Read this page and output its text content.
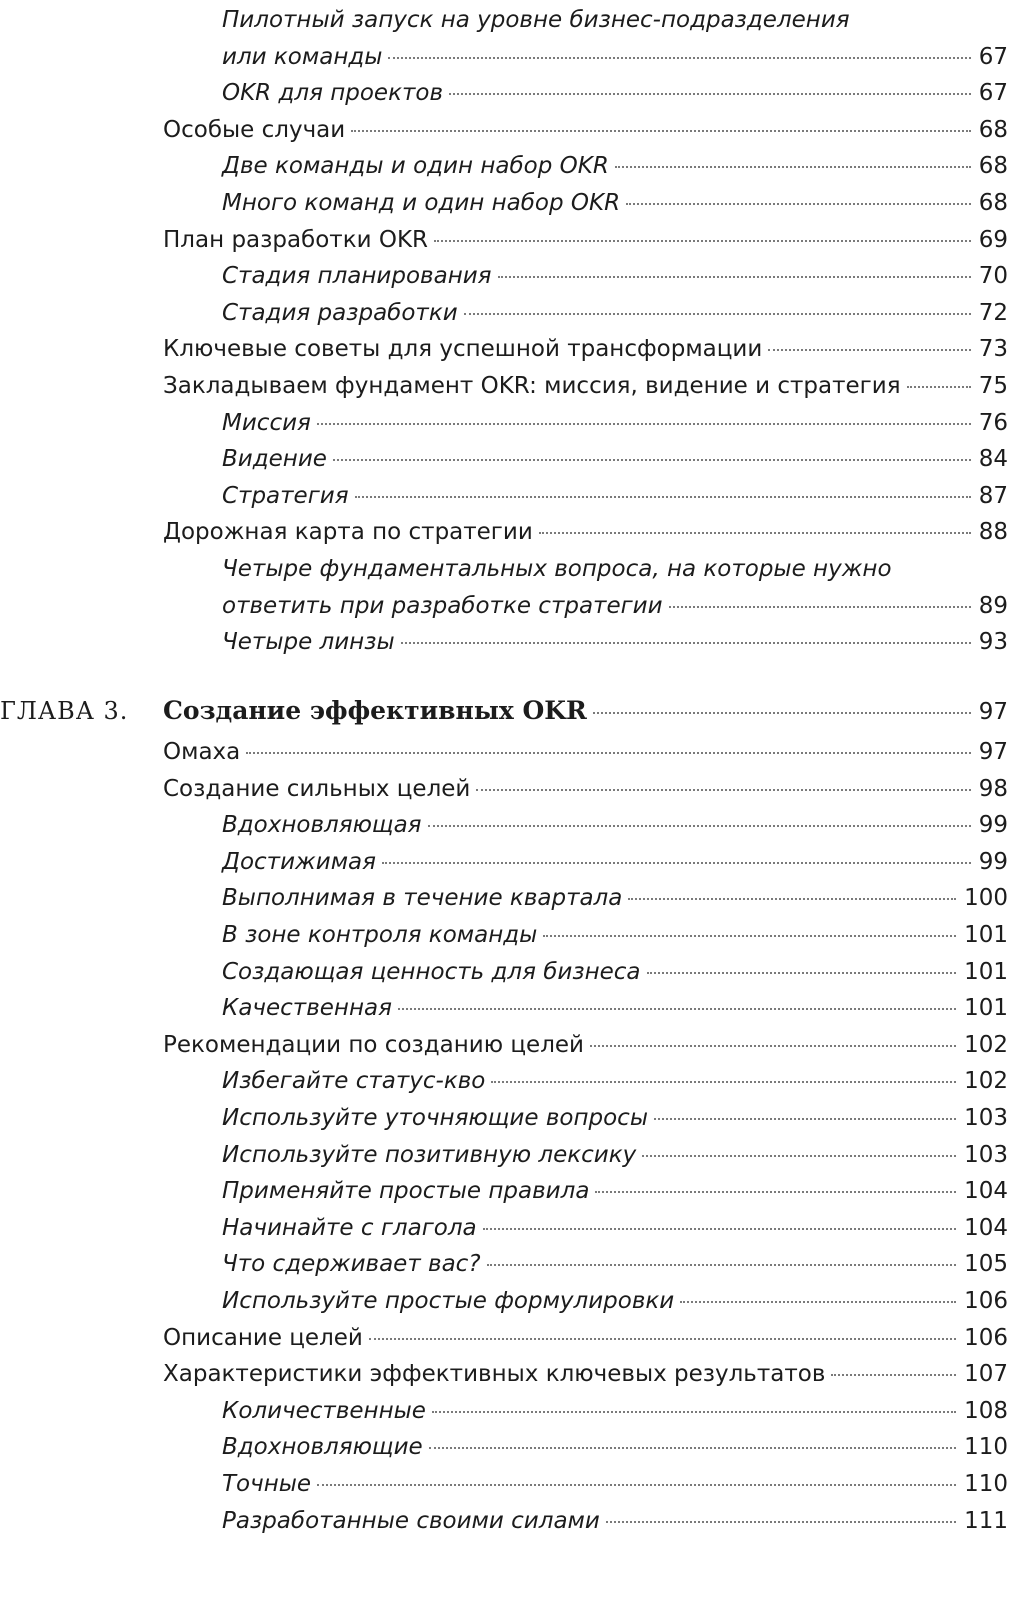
Пилотный запуск на уровне бизнес-подразделения
или команды	67
OKR для проектов	67
Особые случаи	68
Две команды и один набор OKR	68
Много команд и один набор OKR	68
План разработки OKR	69
Стадия планирования	70
Стадия разработки	72
Ключевые советы для успешной трансформации	73
Закладываем фундамент OKR: миссия, видение и стратегия	75
Миссия	76
Видение	84
Стратегия	87
Дорожная карта по стратегии	88
Четыре фундаментальных вопроса, на которые нужно
ответить при разработке стратегии	89
Четыре линзы	93
ГЛАВА 3. Создание эффективных OKR	97
Омаха	97
Создание сильных целей	98
Вдохновляющая	99
Достижимая	99
Выполнимая в течение квартала	100
В зоне контроля команды	101
Создающая ценность для бизнеса	101
Качественная	101
Рекомендации по созданию целей	102
Избегайте статус-кво	102
Используйте уточняющие вопросы	103
Используйте позитивную лексику	103
Применяйте простые правила	104
Начинайте с глагола	104
Что сдерживает вас?	105
Используйте простые формулировки	106
Описание целей	106
Характеристики эффективных ключевых результатов	107
Количественные	108
Вдохновляющие	110
Точные	110
Разработанные своими силами	111
